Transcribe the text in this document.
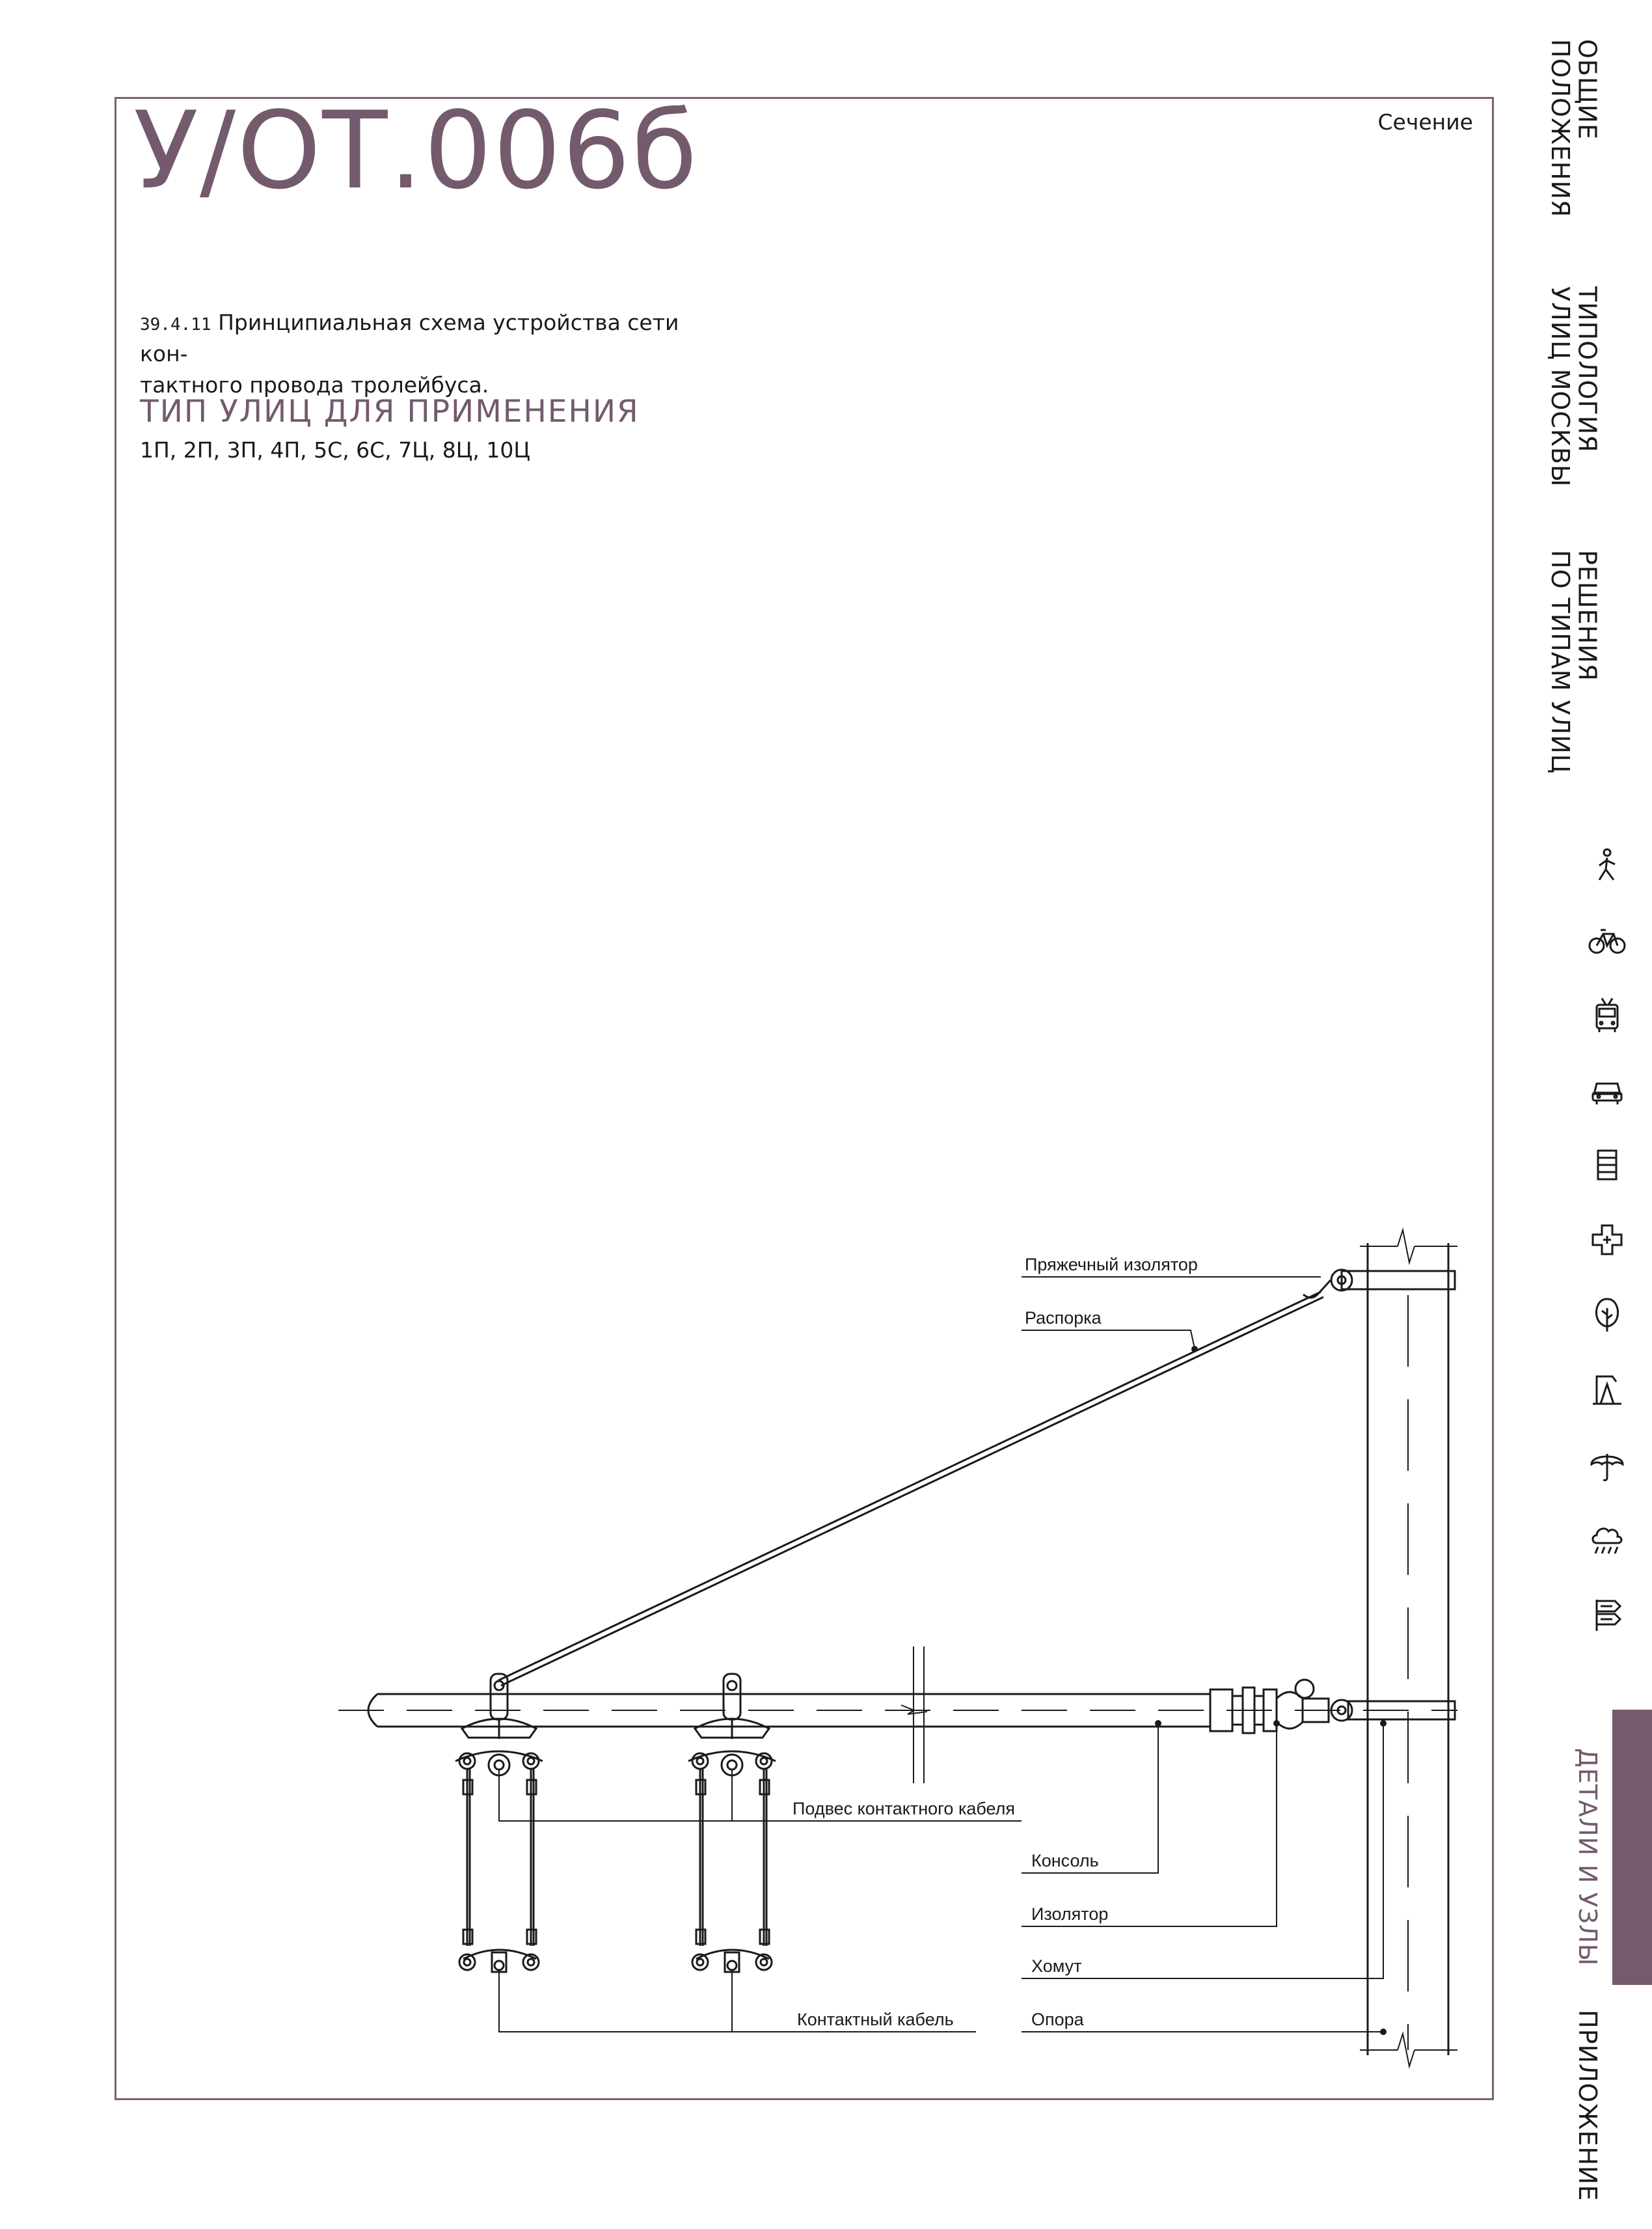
У/ОТ.006б	Сечение
39.4.11 Принципиальная схема устройства сети кон-
тактного провода тролейбуса.
ТИП УЛИЦ ДЛЯ ПРИМЕНЕНИЯ
1П, 2П, 3П, 4П, 5С, 6С, 7Ц, 8Ц, 10Ц
Пряжечный изолятор
Распорка
Подвес контактного кабеля
Консоль
Изолятор
Хомут
Контактный кабель	Опора
ОБЩИЕ
ПОЛОЖЕНИЯ
ТИПОЛОГИЯ
УЛИЦ МОСКВЫ
РЕШЕНИЯ
ПО ТИПАМ УЛИЦ
ДЕТАЛИ И УЗЛЫ
ПРИЛОЖЕНИЕ
